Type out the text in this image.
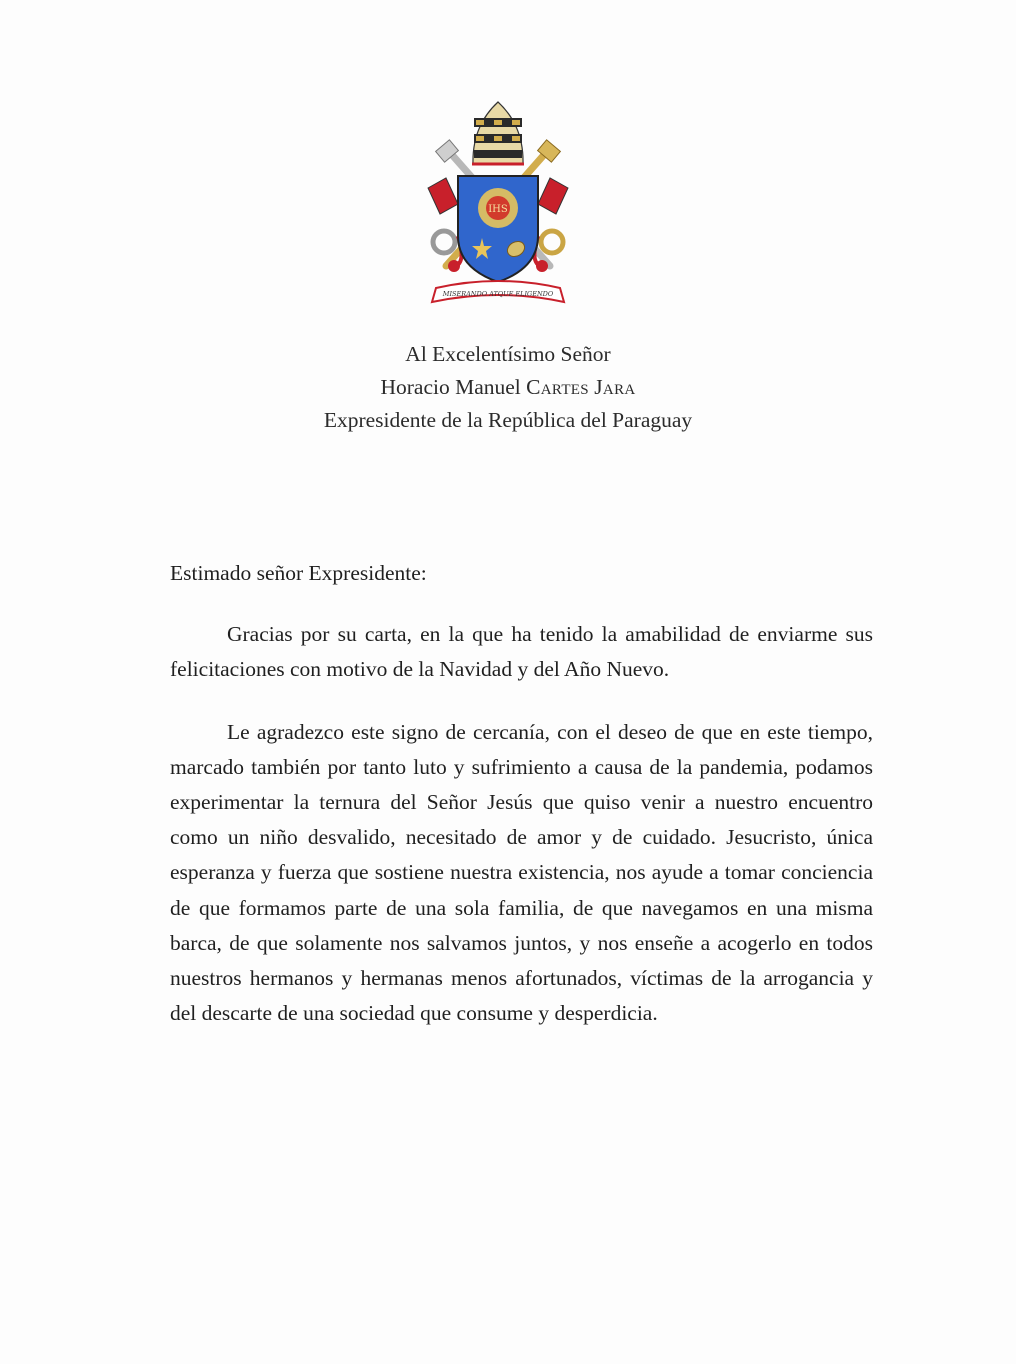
IHS
MISERANDO ATQUE ELIGENDO
Al Excelentísimo Señor
Horacio Manuel Cartes Jara
Expresidente de la República del Paraguay

Estimado señor Expresidente:

Gracias por su carta, en la que ha tenido la amabilidad de enviarme sus felicitaciones con motivo de la Navidad y del Año Nuevo.

Le agradezco este signo de cercanía, con el deseo de que en este tiempo, marcado también por tanto luto y sufrimiento a causa de la pandemia, podamos experimentar la ternura del Señor Jesús que quiso venir a nuestro encuentro como un niño desvalido, necesitado de amor y de cuidado. Jesucristo, única esperanza y fuerza que sostiene nuestra existencia, nos ayude a tomar conciencia de que formamos parte de una sola familia, de que navegamos en una misma barca, de que solamente nos salvamos juntos, y nos enseñe a acogerlo en todos nuestros hermanos y hermanas menos afortunados, víctimas de la arrogancia y del descarte de una sociedad que consume y desperdicia.
